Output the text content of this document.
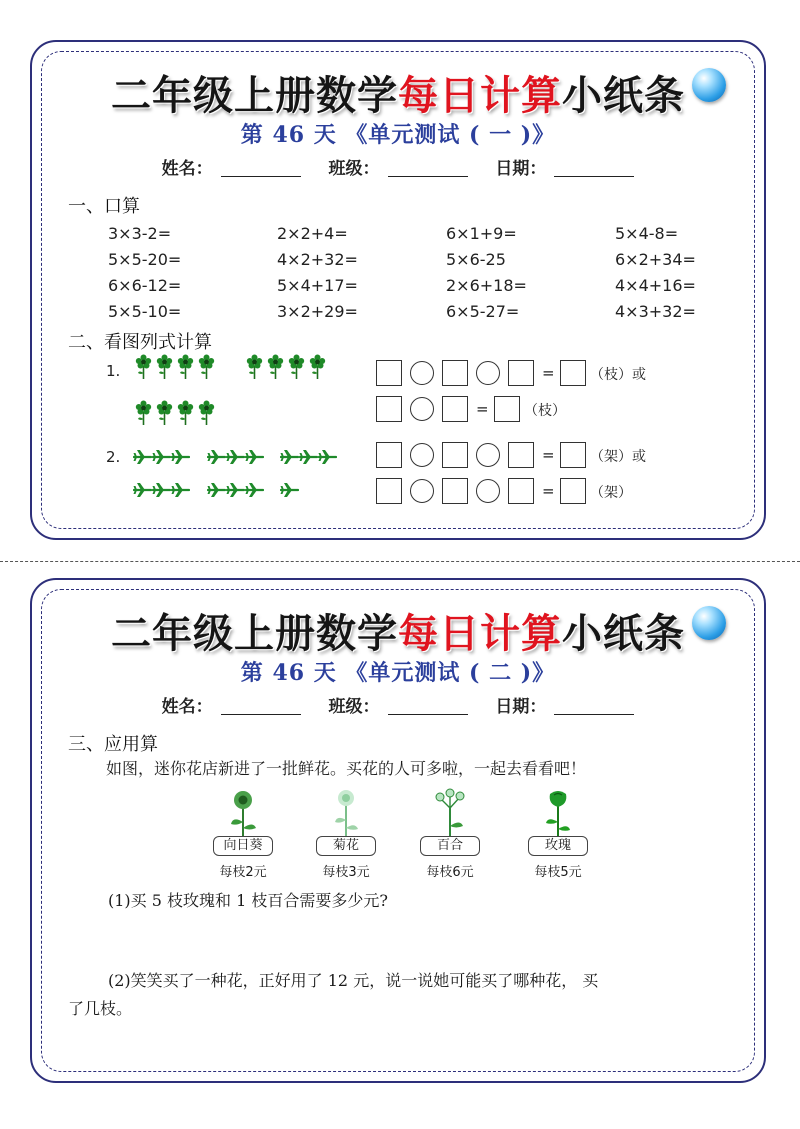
二年级上册数学每日计算小纸条
第 46 天 《单元测试 ( 一 )》
姓名：	班级：	日期：
一、口算
3×3-2=	2×2+4=	6×1+9=	5×4-8=
5×5-20=	4×2+32=	5×6-25	6×2+34=
6×6-12=	5×4+17=	2×6+18=	4×4+16=
5×5-10=	3×2+29=	6×5-27=	4×3+32=
二、看图列式计算
1.	=	（枝）或
=	（枝）
2.	=	（架）或
=	（架）
二年级上册数学每日计算小纸条
第 46 天 《单元测试 ( 二 )》
姓名：	班级：	日期：
三、应用算
如图，迷你花店新进了一批鲜花。买花的人可多啦，一起去看看吧！
向日葵	菊花	百合	玫瑰
每枝2元	每枝3元	每枝6元	每枝5元
(1)买 5 枝玫瑰和 1 枝百合需要多少元?
(2)笑笑买了一种花，正好用了 12 元，说一说她可能买了哪种花， 买
了几枝。
